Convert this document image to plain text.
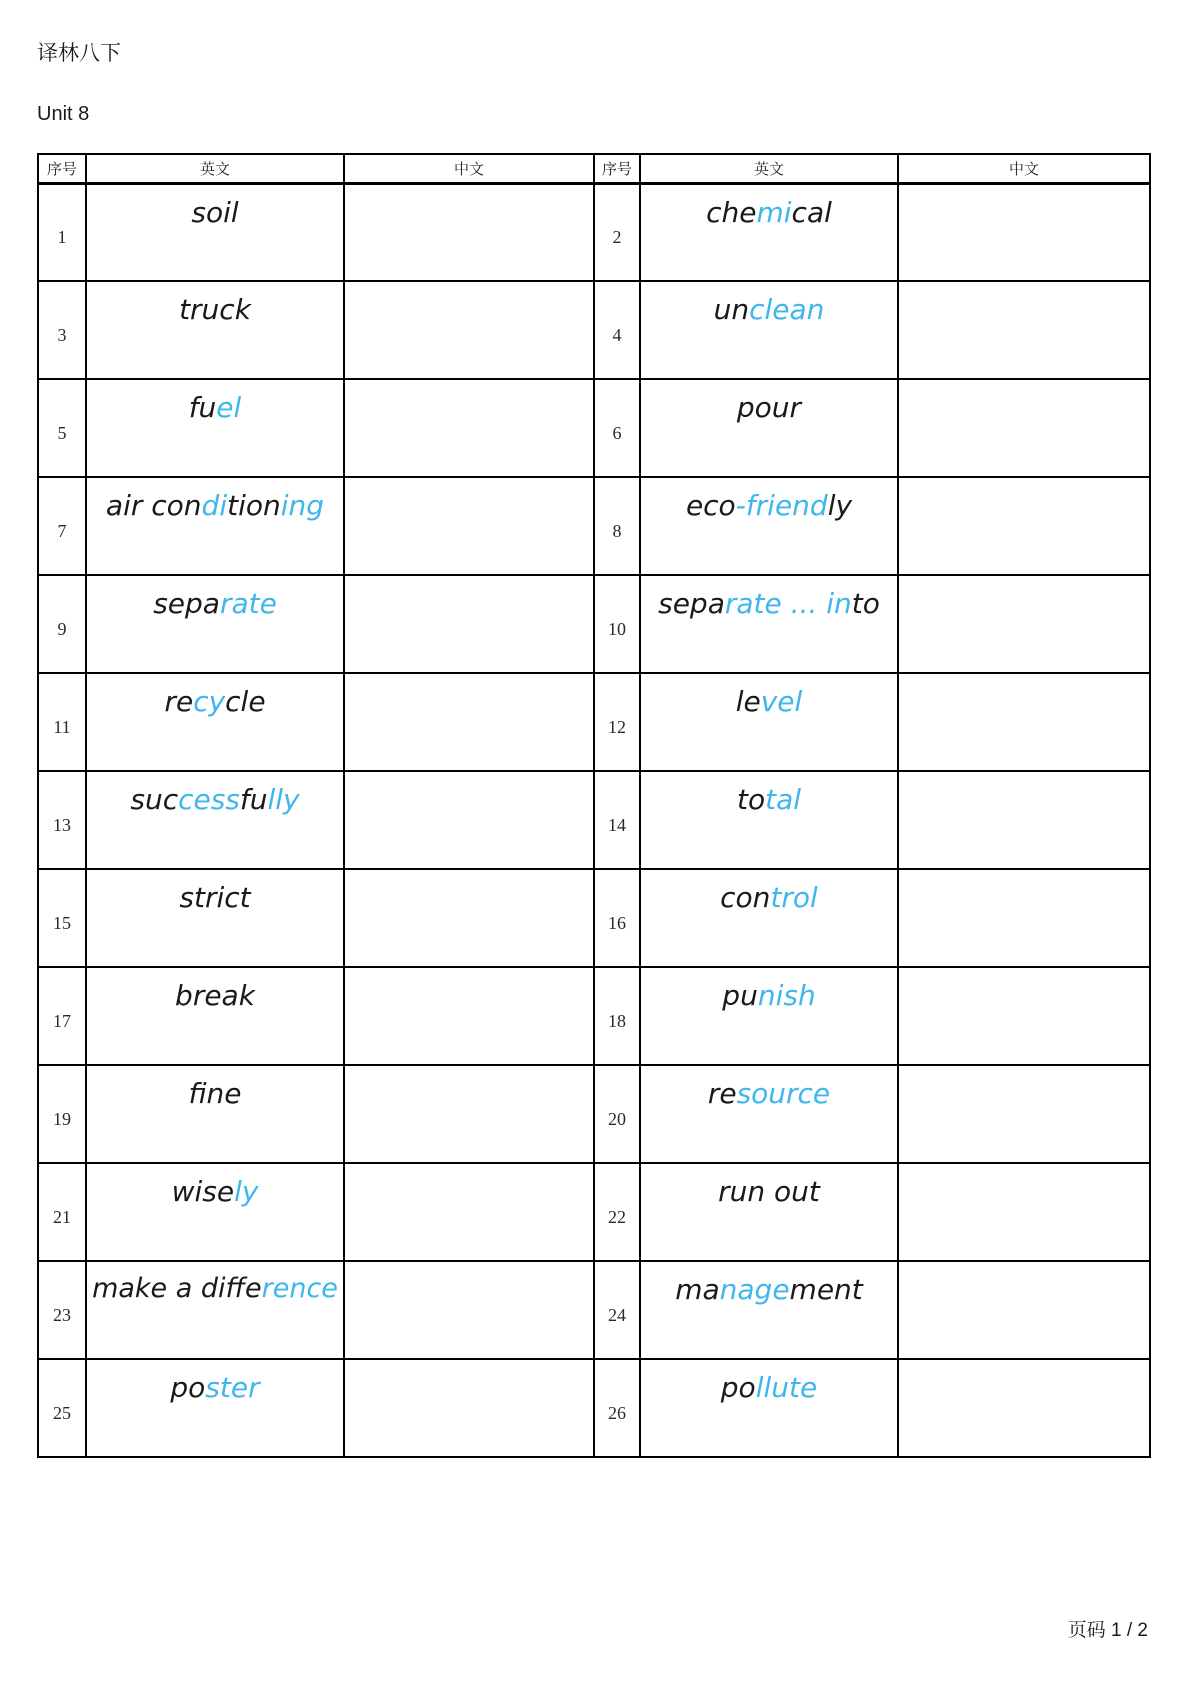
译林八下
Unit 8
序号	英文	中文	序号	英文	中文
1	soil		2	chemical	
3	truck		4	unclean	
5	fuel		6	pour	
7	air conditioning		8	eco-friendly	
9	separate		10	separate ... into	
11	recycle		12	level	
13	successfully		14	total	
15	strict		16	control	
17	break		18	punish	
19	fine		20	resource	
21	wisely		22	run out	
23	make a difference		24	management	
25	poster		26	pollute	
页码 1 / 2
